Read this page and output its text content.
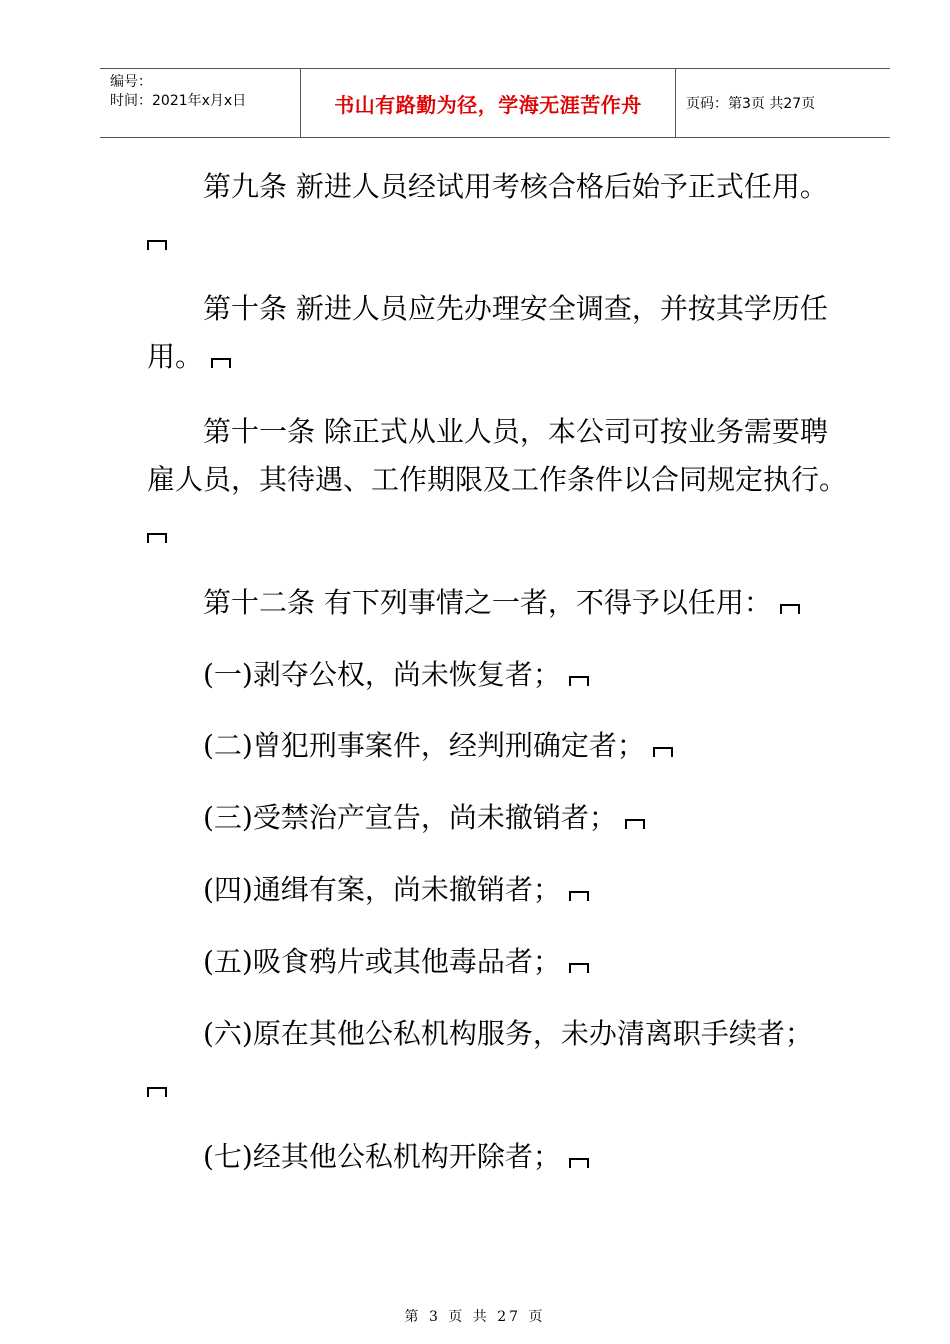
编号：
时间：2021年x月x日	书山有路勤为径，学海无涯苦作舟	页码：第3页 共27页
第九条 新进人员经试用考核合格后始予正式任用。
第十条 新进人员应先办理安全调查，并按其学历任
用。
第十一条 除正式从业人员，本公司可按业务需要聘
雇人员，其待遇、工作期限及工作条件以合同规定执行。
第十二条 有下列事情之一者，不得予以任用：
(一)剥夺公权，尚未恢复者；
(二)曾犯刑事案件，经判刑确定者；
(三)受禁治产宣告，尚未撤销者；
(四)通缉有案，尚未撤销者；
(五)吸食鸦片或其他毒品者；
(六)原在其他公私机构服务，未办清离职手续者；
(七)经其他公私机构开除者；
第 3 页 共 27 页
